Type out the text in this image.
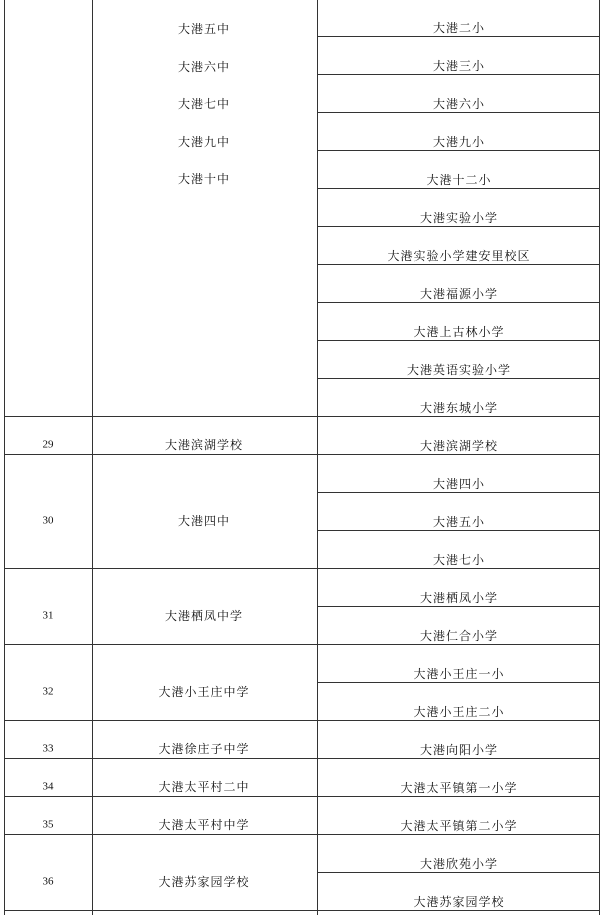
大港二小
大港三小
大港六小
大港九小
大港十二小
大港实验小学
大港实验小学建安里校区
大港福源小学
大港上古林小学
大港英语实验小学
大港东城小学
大港五中
大港六中
大港七中
大港九中
大港十中
大港滨湖学校
大港滨湖学校
29
大港四小
大港五小
大港七小
大港四中
30
大港栖凤小学
大港仁合小学
大港栖凤中学
31
大港小王庄一小
大港小王庄二小
大港小王庄中学
32
大港向阳小学
大港徐庄子中学
33
大港太平镇第一小学
大港太平村二中
34
大港太平镇第二小学
大港太平村中学
35
大港欣苑小学
大港苏家园学校
大港苏家园学校
36
